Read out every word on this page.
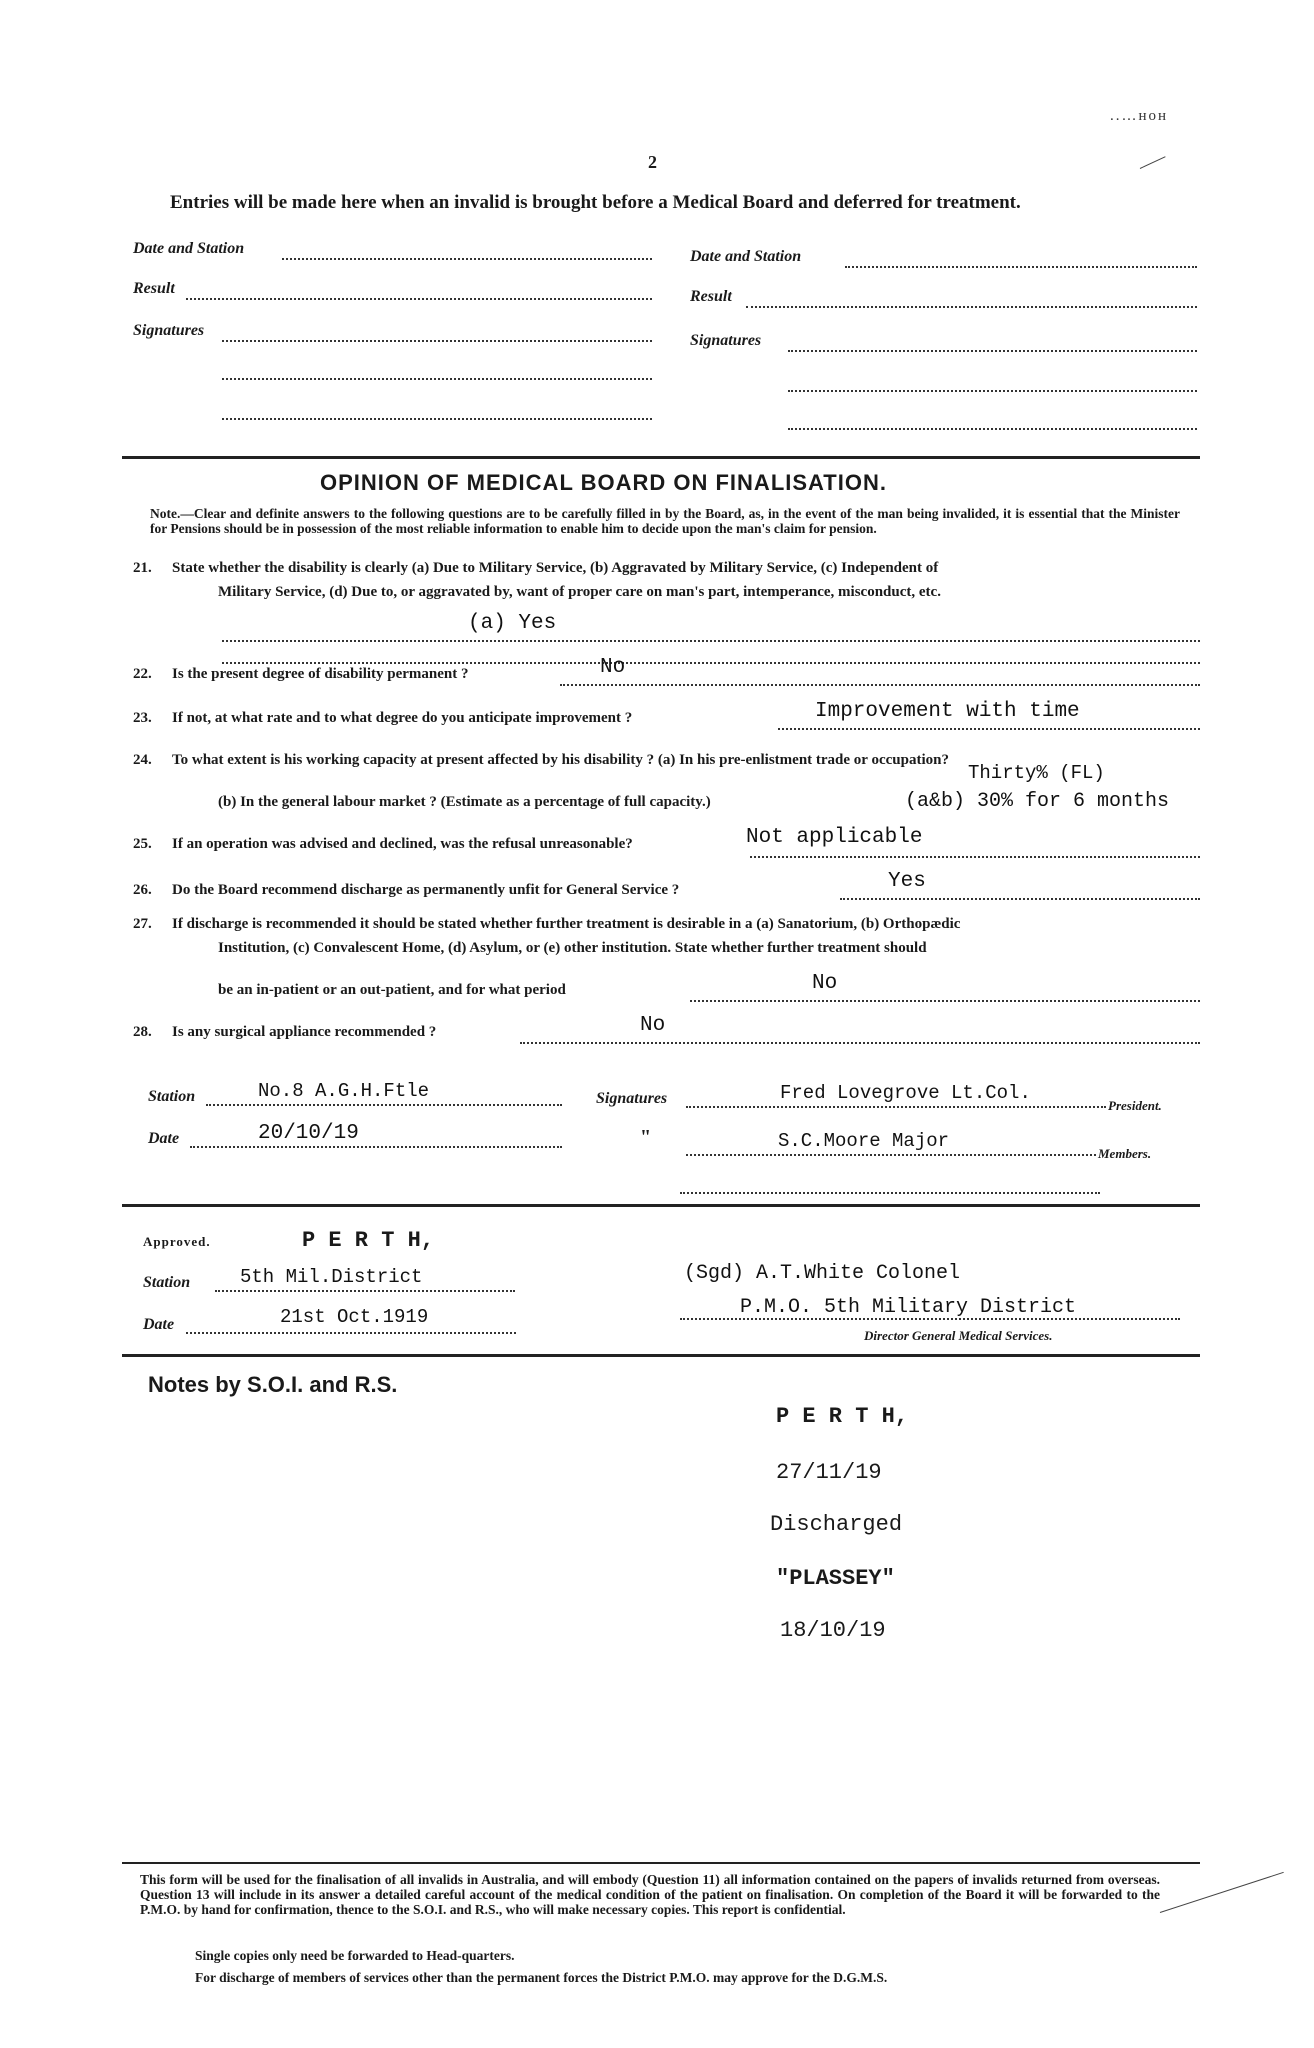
..…нон
2
Entries will be made here when an invalid is brought before a Medical Board and deferred for treatment.
Date and Station
Result
Signatures
Date and Station
Result
Signatures
OPINION OF MEDICAL BOARD ON FINALISATION.
Note.—Clear and definite answers to the following questions are to be carefully filled in by the Board, as, in the event of the man being invalided, it is essential that the Minister for Pensions should be in possession of the most reliable information to enable him to decide upon the man's claim for pension.
21. State whether the disability is clearly (a) Due to Military Service, (b) Aggravated by Military Service, (c) Independent of
Military Service, (d) Due to, or aggravated by, want of proper care on man's part, intemperance, misconduct, etc.
(a) Yes
22. Is the present degree of disability permanent ?	No
23. If not, at what rate and to what degree do you anticipate improvement ?	Improvement with time
24. To what extent is his working capacity at present affected by his disability ? (a) In his pre-enlistment trade or occupation?
Thirty% (FL)
(b) In the general labour market ? (Estimate as a percentage of full capacity.)	(a&b) 30% for 6 months
25. If an operation was advised and declined, was the refusal unreasonable?	Not applicable
26. Do the Board recommend discharge as permanently unfit for General Service ?	Yes
27. If discharge is recommended it should be stated whether further treatment is desirable in a (a) Sanatorium, (b) Orthopædic
Institution, (c) Convalescent Home, (d) Asylum, or (e) other institution. State whether further treatment should
be an in-patient or an out-patient, and for what period	No
28. Is any surgical appliance recommended ?	No
Station	No.8 A.G.H.Ftle
Date	20/10/19
Signatures	Fred Lovegrove Lt.Col.
President.
"	S.C.Moore Major
Members.
Approved.	P E R T H,
Station	5th Mil.District
Date	21st Oct.1919
(Sgd) A.T.White Colonel
P.M.O. 5th Military District
Director General Medical Services.
Notes by S.O.I. and R.S.
P E R T H,
27/11/19
Discharged
"PLASSEY"
18/10/19
This form will be used for the finalisation of all invalids in Australia, and will embody (Question 11) all information contained on the papers of invalids returned from overseas. Question 13 will include in its answer a detailed careful account of the medical condition of the patient on finalisation. On completion of the Board it will be forwarded to the P.M.O. by hand for confirmation, thence to the S.O.I. and R.S., who will make necessary copies. This report is confidential.
Single copies only need be forwarded to Head-quarters.
For discharge of members of services other than the permanent forces the District P.M.O. may approve for the D.G.M.S.
